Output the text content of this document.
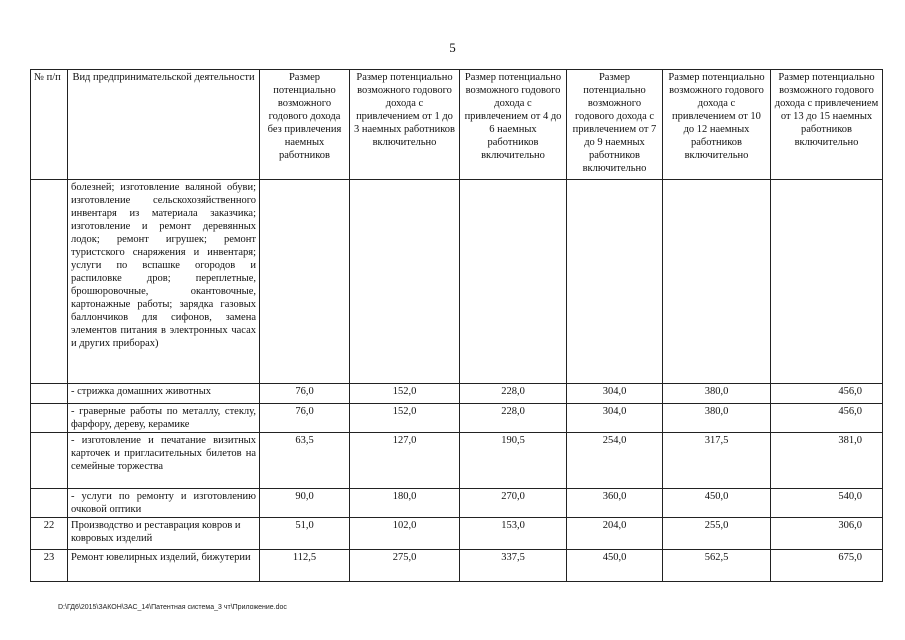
5
№ п/п	Вид предпринимательской деятельности	Размер потенциально возможного годового дохода без привлечения наемных работников	Размер потенциально возможного годового дохода с привлечением от 1 до 3 наемных работников включительно	Размер потенциально возможного годового дохода с привлечением от 4 до 6 наемных работников включительно	Размер потенциально возможного годового дохода с привлечением от 7 до 9 наемных работников включительно	Размер потенциально возможного годового дохода с привлечением от 10 до 12 наемных работников включительно	Размер потенциально возможного годового дохода с привлечением от 13 до 15 наемных работников включительно
	болезней; изготовление валяной обуви; изготовление сельскохозяйственного инвентаря из материала заказчика; изготовление и ремонт деревянных лодок; ремонт игрушек; ремонт туристского снаряжения и инвентаря; услуги по вспашке огородов и распиловке дров; переплетные, брошюровочные, окантовочные, картонажные работы; зарядка газовых баллончиков для сифонов, замена элементов питания в электронных часах и других приборах)						
	- стрижка домашних животных	76,0	152,0	228,0	304,0	380,0	456,0
	- граверные работы по металлу, стеклу, фарфору, дереву, керамике	76,0	152,0	228,0	304,0	380,0	456,0
	- изготовление и печатание визитных карточек и пригласительных билетов на семейные торжества	63,5	127,0	190,5	254,0	317,5	381,0
	- услуги по ремонту и изготовлению очковой оптики	90,0	180,0	270,0	360,0	450,0	540,0
22	Производство и реставрация ковров и ковровых изделий	51,0	102,0	153,0	204,0	255,0	306,0
23	Ремонт ювелирных изделий, бижутерии	112,5	275,0	337,5	450,0	562,5	675,0
D:\ГД6\2015\ЗАКОН\ЗАС_14\Патентная система_3 чт\Приложение.doc
